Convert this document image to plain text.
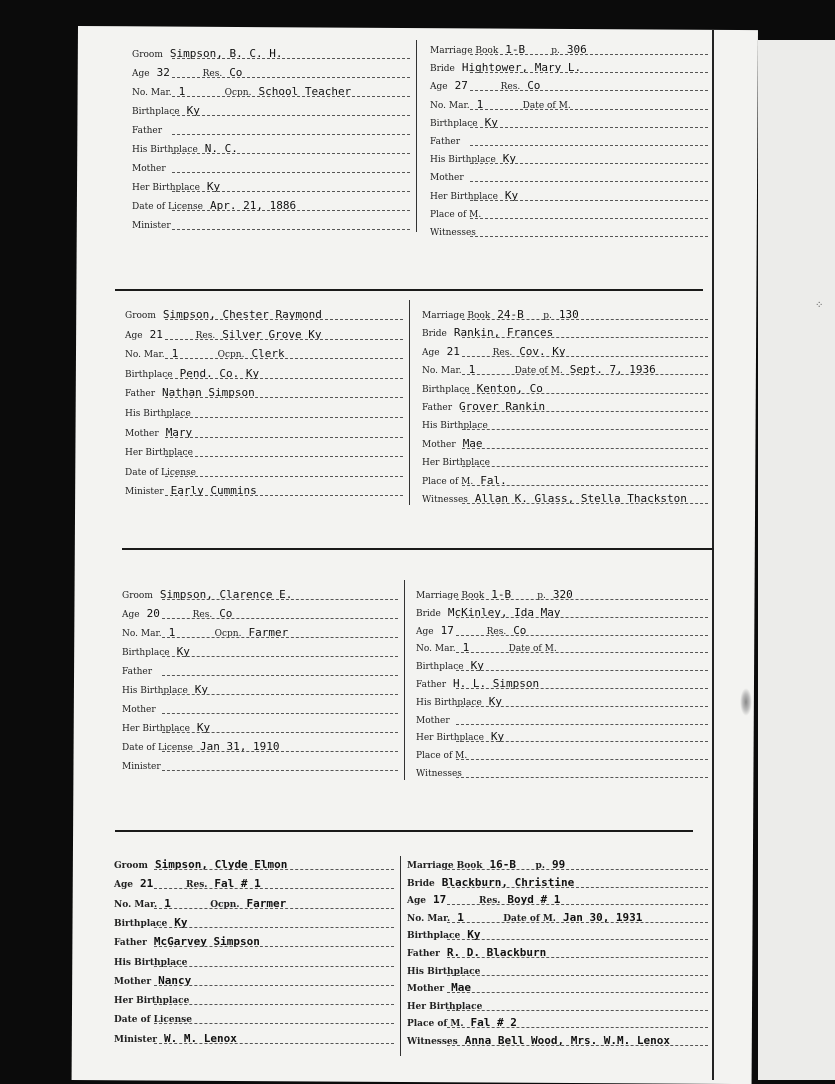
⁘
Groom Simpson, B. C. H.
Age 32	Res. Co
No. Mar. 1	Ocpn. School Teacher
Birthplace Ky
Father
His Birthplace N. C.
Mother
Her Birthplace Ky
Date of License Apr. 21, 1886
Minister
Marriage Book 1-B	p. 306
Bride Hightower, Mary L.
Age 27	Res. Co
No. Mar. 1	Date of M.
Birthplace Ky
Father
His Birthplace Ky
Mother
Her Birthplace Ky
Place of M.
Witnesses
Groom Simpson, Chester Raymond
Age 21	Res. Silver Grove Ky
No. Mar. 1	Ocpn. Clerk
Birthplace Pend. Co. Ky
Father Nathan Simpson
His Birthplace
Mother Mary
Her Birthplace
Date of License
Minister Early Cummins
Marriage Book 24-B	p. 130
Bride Rankin, Frances
Age 21	Res. Cov. Ky
No. Mar. 1	Date of M. Sept. 7, 1936
Birthplace Kenton, Co
Father Grover Rankin
His Birthplace
Mother Mae
Her Birthplace
Place of M. Fal.
Witnesses Allan K. Glass, Stella Thackston
Groom Simpson, Clarence E.
Age 20	Res. Co
No. Mar. 1	Ocpn. Farmer
Birthplace Ky
Father
His Birthplace Ky
Mother
Her Birthplace Ky
Date of License Jan 31, 1910
Minister
Marriage Book 1-B	p. 320
Bride McKinley, Ida May
Age 17	Res. Co
No. Mar. 1	Date of M.
Birthplace Ky
Father H. L. Simpson
His Birthplace Ky
Mother
Her Birthplace Ky
Place of M.
Witnesses
Groom Simpson, Clyde Elmon
Age 21	Res. Fal # 1
No. Mar. 1	Ocpn. Farmer
Birthplace Ky
Father McGarvey Simpson
His Birthplace
Mother Nancy
Her Birthplace
Date of License
Minister W. M. Lenox
Marriage Book 16-B	p. 99
Bride Blackburn, Christine
Age 17	Res. Boyd # 1
No. Mar. 1	Date of M. Jan 30, 1931
Birthplace Ky
Father R. D. Blackburn
His Birthplace
Mother Mae
Her Birthplace
Place of M. Fal # 2
Witnesses Anna Bell Wood, Mrs. W.M. Lenox
